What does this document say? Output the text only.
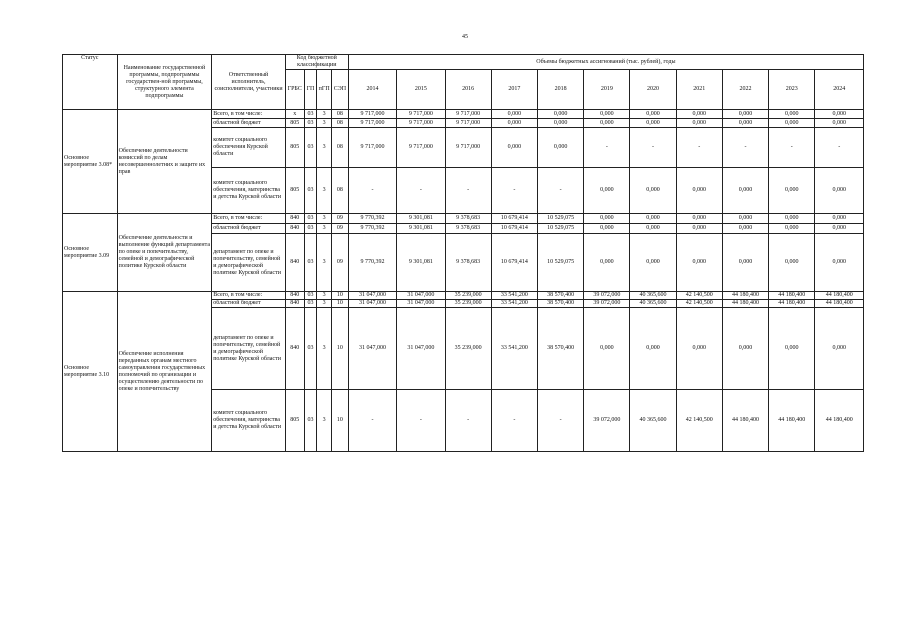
45
Статус	Наименование государственной программы, подпрограммы государствен-ной программы, структурного элемента подпрограммы	Ответственный исполнитель, соисполнители, участники	Код бюджетной классификации				Объемы бюджетных ассигнований (тыс. рублей), годы										
			ГРБС	ГП	пГП	СЭП	2014	2015	2016	2017	2018	2019	2020	2021	2022	2023	2024
Основное мероприятие 3.08*	Обеспечение деятельности комиссий по делам несовершеннолетних и защите их прав	Всего, в том числе:	х	03	3	08	9 717,000	9 717,000	9 717,000	0,000	0,000	0,000	0,000	0,000	0,000	0,000	0,000
		областной бюджет	805	03	3	08	9 717,000	9 717,000	9 717,000	0,000	0,000	0,000	0,000	0,000	0,000	0,000	0,000
		комитет социального обеспечения Курской области	805	03	3	08	9 717,000	9 717,000	9 717,000	0,000	0,000	-	-	-	-	-	-
		комитет социального обеспечения, материнства и детства Курской области	805	03	3	08	-	-	-	-	-	0,000	0,000	0,000	0,000	0,000	0,000
Основное мероприятие 3.09	Обеспечение деятельности и выполнение функций департамента по опеке и попечительству, семейной и демографической политике Курской области	Всего, в том числе:	840	03	3	09	9 770,392	9 301,081	9 378,683	10 679,414	10 529,075	0,000	0,000	0,000	0,000	0,000	0,000
		областной бюджет	840	03	3	09	9 770,392	9 301,081	9 378,683	10 679,414	10 529,075	0,000	0,000	0,000	0,000	0,000	0,000
		департамент по опеке и попечительству, семейной и демографической политике Курской области	840	03	3	09	9 770,392	9 301,081	9 378,683	10 679,414	10 529,075	0,000	0,000	0,000	0,000	0,000	0,000
Основное мероприятие 3.10	Обеспечение исполнения переданных органам местного самоуправления государственных полномочий по организации и осуществлению деятельности по опеке и попечительству	Всего, в том числе:	840	03	3	10	31 047,000	31 047,000	35 239,000	33 541,200	38 570,400	39 072,000	40 365,600	42 140,500	44 180,400	44 180,400	44 180,400
		областной бюджет	840	03	3	10	31 047,000	31 047,000	35 239,000	33 541,200	38 570,400	39 072,000	40 365,600	42 140,500	44 180,400	44 180,400	44 180,400
		департамент по опеке и попечительству, семейной и демографической политике Курской области	840	03	3	10	31 047,000	31 047,000	35 239,000	33 541,200	38 570,400	0,000	0,000	0,000	0,000	0,000	0,000
		комитет социального обеспечения, материнства и детства Курской области	805	03	3	10	-	-	-	-	-	39 072,000	40 365,600	42 140,500	44 180,400	44 180,400	44 180,400
